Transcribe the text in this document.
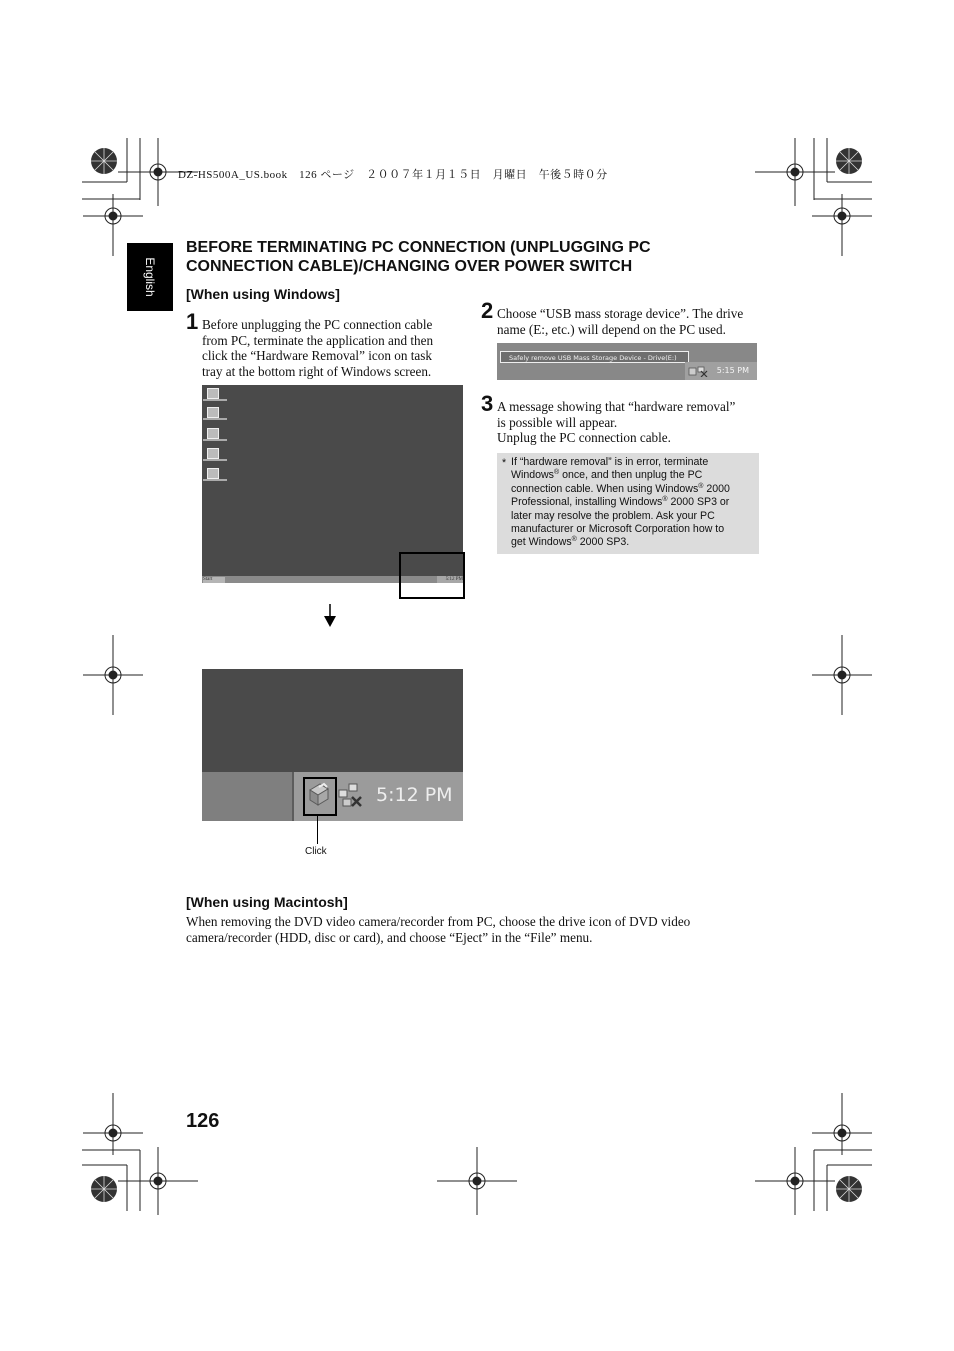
DZ-HS500A_US.book　126 ページ　２００７年１月１５日　月曜日　午後５時０分
English
BEFORE TERMINATING PC CONNECTION (UNPLUGGING PC
CONNECTION CABLE)/CHANGING OVER POWER SWITCH
[When using Windows]
1 Before unplugging the PC connection cable
from PC, terminate the application and then
click the “Hardware Removal” icon on task
tray at the bottom right of Windows screen.
Start	5:12 PM
5:12 PM
Click
2 Choose “USB mass storage device”. The drive
name (E:, etc.) will depend on the PC used.
Safely remove USB Mass Storage Device - Drive(E:)
5:15 PM
3 A message showing that “hardware removal”
is possible will appear.
Unplug the PC connection cable.
* If “hardware removal” is in error, terminate
Windows® once, and then unplug the PC
connection cable. When using Windows® 2000
Professional, installing Windows® 2000 SP3 or
later may resolve the problem. Ask your PC
manufacturer or Microsoft Corporation how to
get Windows® 2000 SP3.
[When using Macintosh]
When removing the DVD video camera/recorder from PC, choose the drive icon of DVD video
camera/recorder (HDD, disc or card), and choose “Eject” in the “File” menu.
126
